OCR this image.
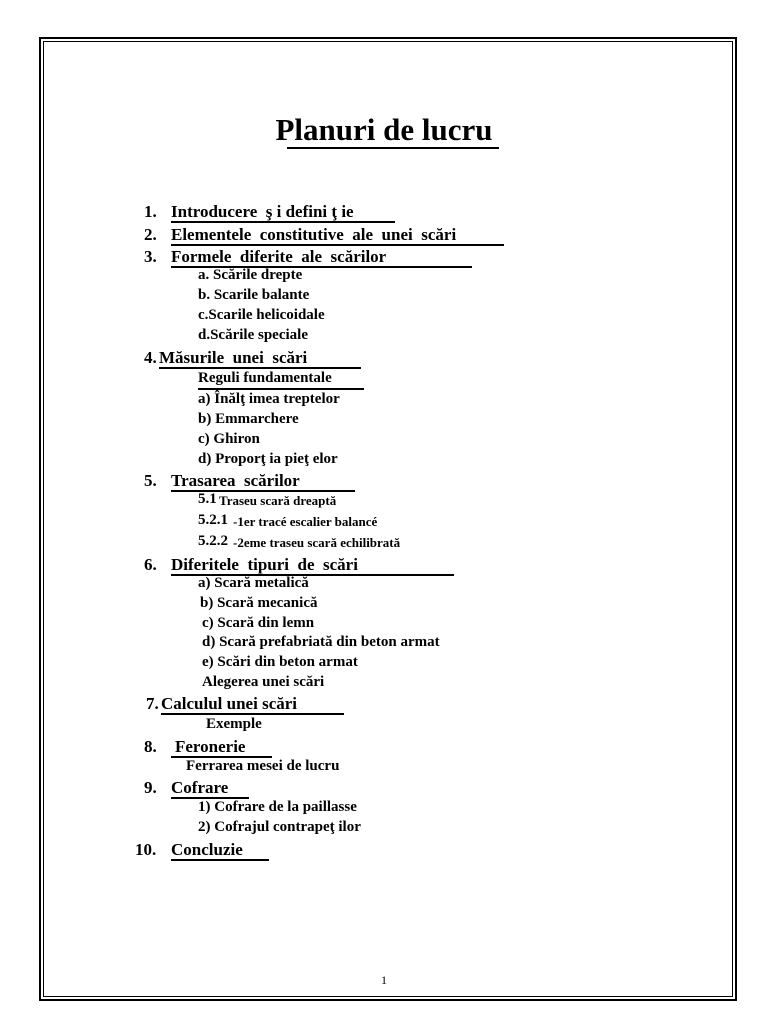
Planuri de lucru
1. Introducere  ş i defini ţ ie
2. Elementele  constitutive  ale  unei  scări
3. Formele  diferite  ale  scărilor
a. Scările drepte
b. Scarile balante
c.Scarile helicoidale
d.Scările speciale
4. Măsurile  unei  scări
Reguli fundamentale
a) Înălţ imea treptelor
b) Emmarchere
c) Ghiron
d) Proporţ ia pieţ elor
5. Trasarea  scărilor
5.1 Traseu scară dreaptă
5.2.1 -1er tracé escalier balancé
5.2.2 -2eme traseu scară echilibrată
6. Diferitele  tipuri  de  scări
a) Scară metalică
b) Scară mecanică
c) Scară din lemn
d) Scară prefabriată din beton armat
e) Scări din beton armat
Alegerea unei scări
7. Calculul unei scări
Exemple
8. Feronerie
Ferrarea mesei de lucru
9. Cofrare
1) Cofrare de la paillasse
2) Cofrajul contrapeţ ilor
10. Concluzie
1
